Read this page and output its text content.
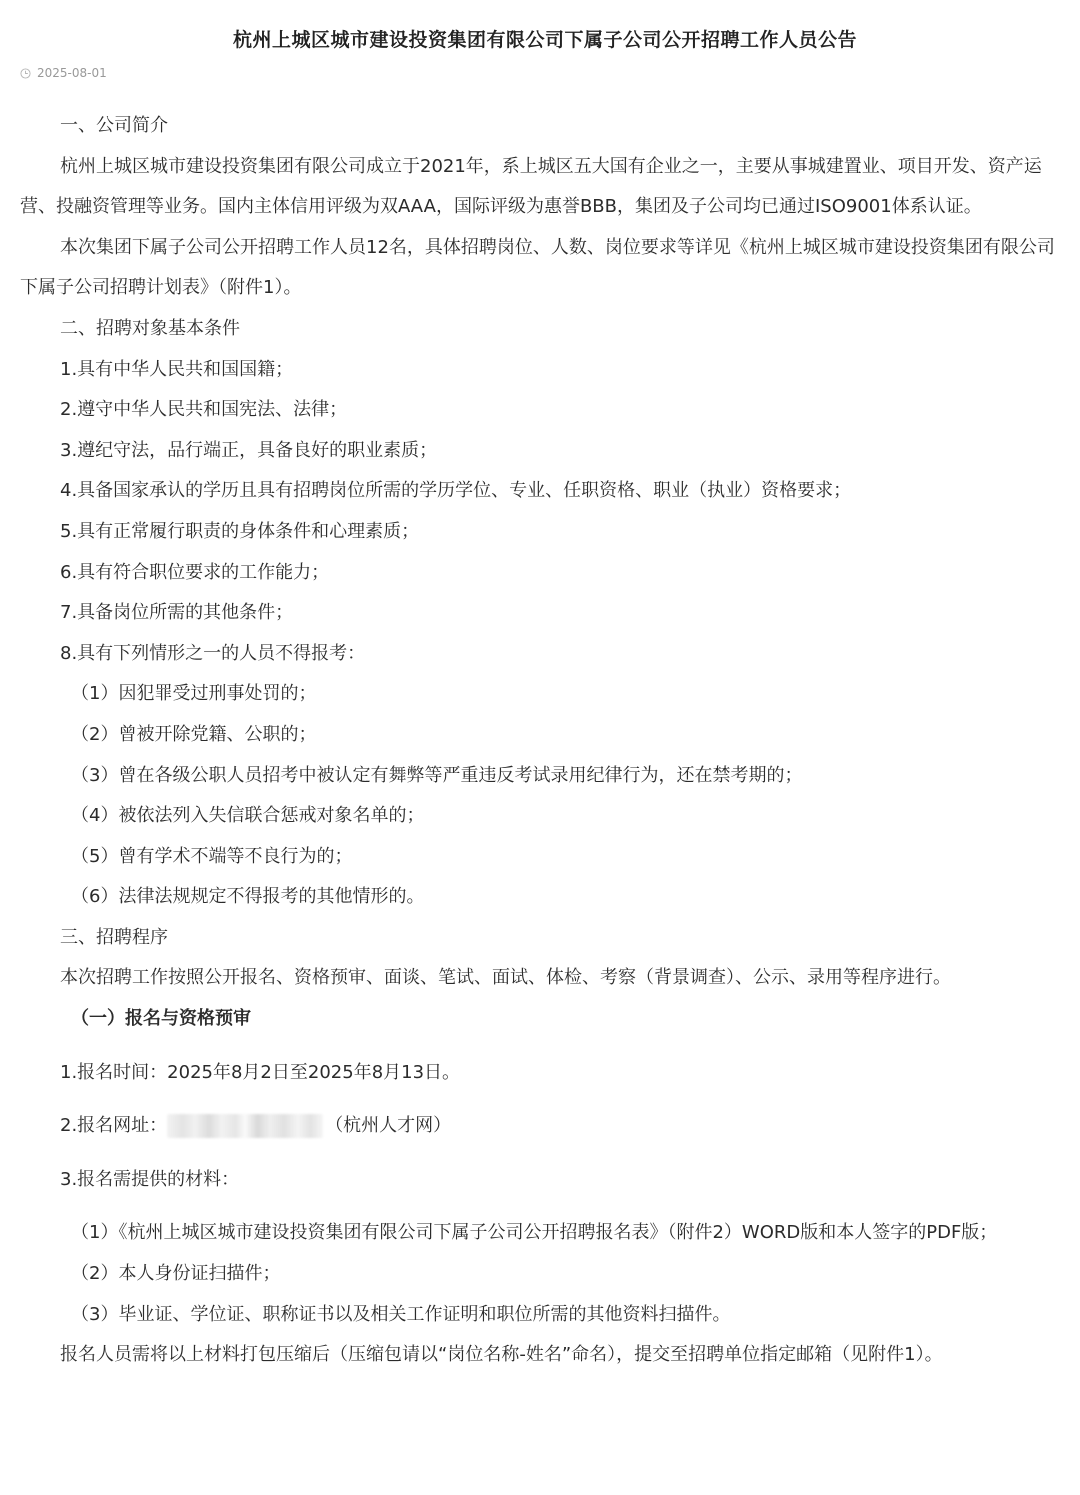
杭州上城区城市建设投资集团有限公司下属子公司公开招聘工作人员公告
2025-08-01

一、公司简介

杭州上城区城市建设投资集团有限公司成立于2021年，系上城区五大国有企业之一，主要从事城建置业、项目开发、资产运营、投融资管理等业务。国内主体信用评级为双AAA，国际评级为惠誉BBB，集团及子公司均已通过ISO9001体系认证。

本次集团下属子公司公开招聘工作人员12名，具体招聘岗位、人数、岗位要求等详见《杭州上城区城市建设投资集团有限公司下属子公司招聘计划表》（附件1）。

二、招聘对象基本条件

1.具有中华人民共和国国籍；

2.遵守中华人民共和国宪法、法律；

3.遵纪守法，品行端正，具备良好的职业素质；

4.具备国家承认的学历且具有招聘岗位所需的学历学位、专业、任职资格、职业（执业）资格要求；

5.具有正常履行职责的身体条件和心理素质；

6.具有符合职位要求的工作能力；

7.具备岗位所需的其他条件；

8.具有下列情形之一的人员不得报考：

（1）因犯罪受过刑事处罚的；

（2）曾被开除党籍、公职的；

（3）曾在各级公职人员招考中被认定有舞弊等严重违反考试录用纪律行为，还在禁考期的；

（4）被依法列入失信联合惩戒对象名单的；

（5）曾有学术不端等不良行为的；

（6）法律法规规定不得报考的其他情形的。

三、招聘程序

本次招聘工作按照公开报名、资格预审、面谈、笔试、面试、体检、考察（背景调查）、公示、录用等程序进行。

（一）报名与资格预审

1.报名时间：2025年8月2日至2025年8月13日。

2.报名网址：	（杭州人才网）

3.报名需提供的材料：

（1）《杭州上城区城市建设投资集团有限公司下属子公司公开招聘报名表》（附件2）WORD版和本人签字的PDF版；

（2）本人身份证扫描件；

（3）毕业证、学位证、职称证书以及相关工作证明和职位所需的其他资料扫描件。

报名人员需将以上材料打包压缩后（压缩包请以“岗位名称-姓名”命名），提交至招聘单位指定邮箱（见附件1）。
